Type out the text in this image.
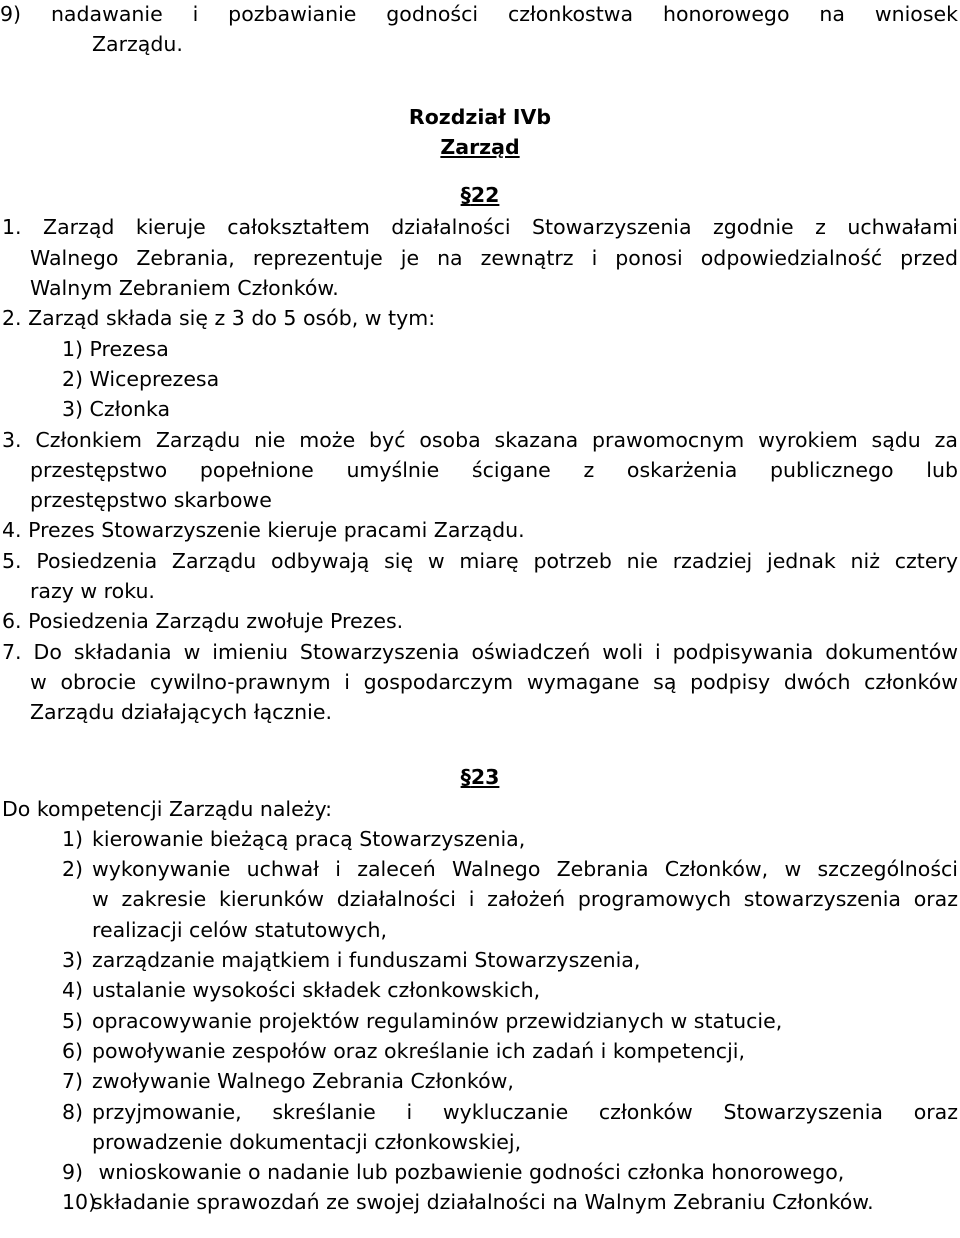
9) nadawanie i pozbawianie godności członkostwa honorowego na wniosek
Zarządu.
Rozdział IVb
Zarząd
§22
1. Zarząd kieruje całokształtem działalności Stowarzyszenia zgodnie z uchwałami
Walnego Zebrania, reprezentuje je na zewnątrz i ponosi odpowiedzialność przed
Walnym Zebraniem Członków.
2. Zarząd składa się z 3 do 5 osób, w tym:
1) Prezesa
2) Wiceprezesa
3) Członka
3. Członkiem Zarządu nie może być osoba skazana prawomocnym wyrokiem sądu za
przestępstwo popełnione umyślnie ścigane z oskarżenia publicznego lub
przestępstwo skarbowe
4. Prezes Stowarzyszenie kieruje pracami Zarządu.
5. Posiedzenia Zarządu odbywają się w miarę potrzeb nie rzadziej jednak niż cztery
razy w roku.
6. Posiedzenia Zarządu zwołuje Prezes.
7. Do składania w imieniu Stowarzyszenia oświadczeń woli i podpisywania dokumentów
w obrocie cywilno-prawnym i gospodarczym wymagane są podpisy dwóch członków
Zarządu działających łącznie.
§23
Do kompetencji Zarządu należy:
1) kierowanie bieżącą pracą Stowarzyszenia,
2) wykonywanie uchwał i zaleceń Walnego Zebrania Członków, w szczególności
w zakresie kierunków działalności i założeń programowych stowarzyszenia oraz
realizacji celów statutowych,
3) zarządzanie majątkiem i funduszami Stowarzyszenia,
4) ustalanie wysokości składek członkowskich,
5) opracowywanie projektów regulaminów przewidzianych w statucie,
6) powoływanie zespołów oraz określanie ich zadań i kompetencji,
7) zwoływanie Walnego Zebrania Członków,
8) przyjmowanie, skreślanie i wykluczanie członków Stowarzyszenia oraz
prowadzenie dokumentacji członkowskiej,
9) wnioskowanie o nadanie lub pozbawienie godności członka honorowego,
10)
składanie sprawozdań ze swojej działalności na Walnym Zebraniu Członków.
